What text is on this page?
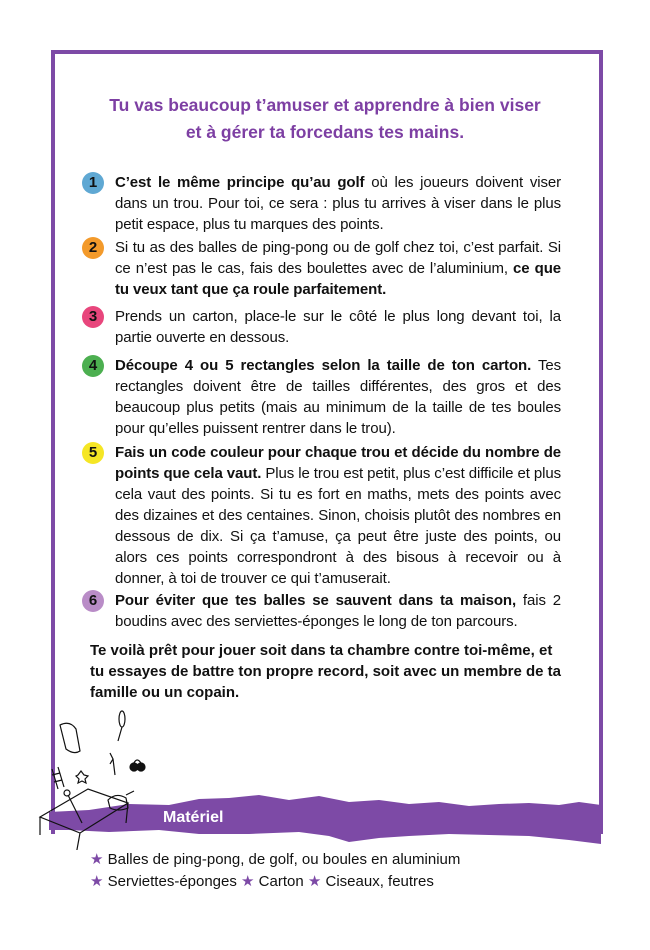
Tu vas beaucoup t’amuser et apprendre à bien viser
et à gérer ta forcedans tes mains.
1	C’est le même principe qu’au golf où les joueurs doivent viser dans un trou. Pour toi, ce sera : plus tu arrives à viser dans le plus petit espace, plus tu marques des points.
2	Si tu as des balles de ping-pong ou de golf chez toi, c’est parfait. Si ce n’est pas le cas, fais des boulettes avec de l’aluminium, ce que tu veux tant que ça roule parfaitement.
3	Prends un carton, place-le sur le côté le plus long devant toi, la partie ouverte en dessous.
4	Découpe 4 ou 5 rectangles selon la taille de ton carton. Tes rectangles doivent être de tailles différentes, des gros et des beaucoup plus petits (mais au minimum de la taille de tes boules pour qu’elles puissent rentrer dans le trou).
5	Fais un code couleur pour chaque trou et décide du nombre de points que cela vaut. Plus le trou est petit, plus c’est difficile et plus cela vaut des points. Si tu es fort en maths, mets des points avec des dizaines et des centaines. Sinon, choisis plutôt des nombres en dessous de dix. Si ça t’amuse, ça peut être juste des points, ou alors ces points correspondront à des bisous à recevoir ou à donner, à toi de trouver ce qui t’amuserait.
6	Pour éviter que tes balles se sauvent dans ta maison, fais 2 boudins avec des serviettes-éponges le long de ton parcours.
Te voilà prêt pour jouer soit dans ta chambre contre toi-même, et tu essayes de battre ton propre record, soit avec un membre de ta famille ou un copain.
Matériel
★ Balles de ping-pong, de golf, ou boules en aluminium
★ Serviettes-éponges ★ Carton ★ Ciseaux, feutres
